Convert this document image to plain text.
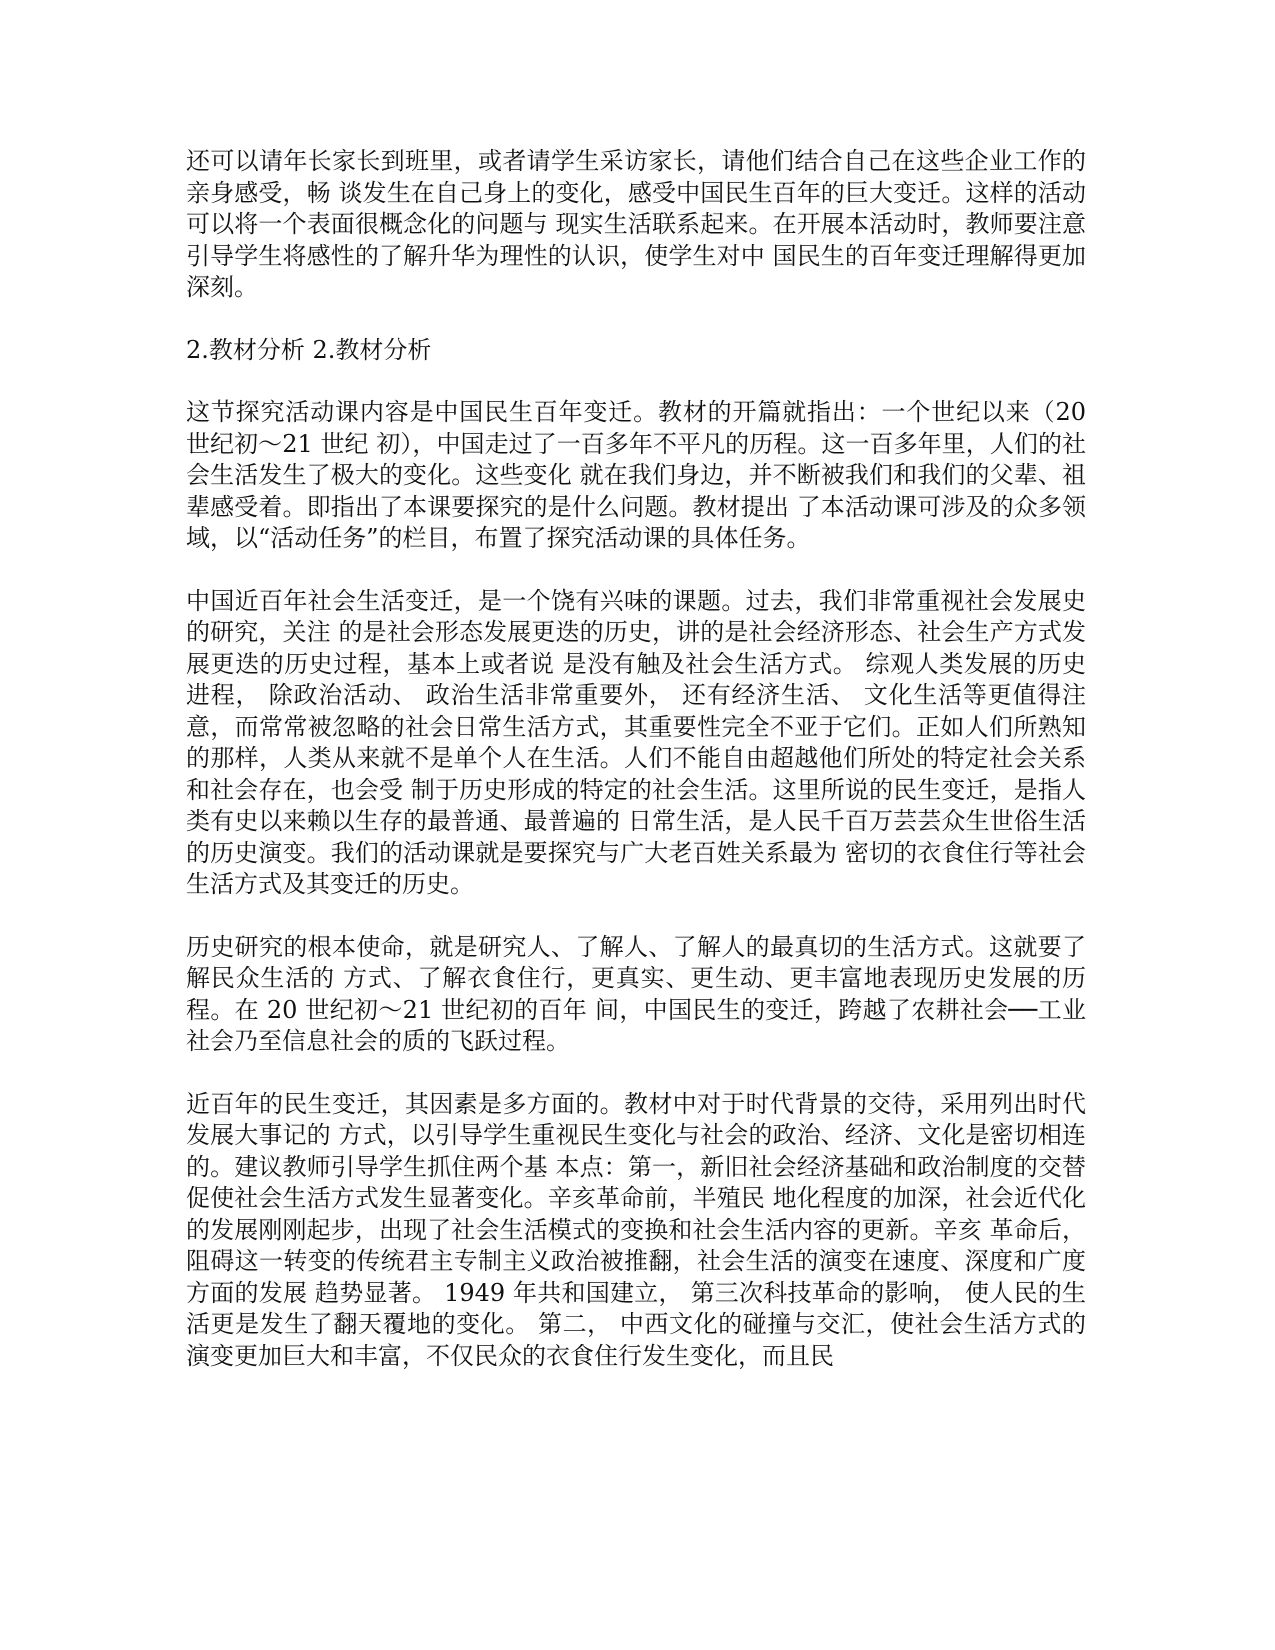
还可以请年长家长到班里，或者请学生采访家长，请他们结合自己在这些企业工作的亲身感受，畅 谈发生在自己身上的变化，感受中国民生百年的巨大变迁。这样的活动可以将一个表面很概念化的问题与 现实生活联系起来。在开展本活动时，教师要注意引导学生将感性的了解升华为理性的认识，使学生对中 国民生的百年变迁理解得更加深刻。

2.教材分析 2.教材分析

这节探究活动课内容是中国民生百年变迁。教材的开篇就指出：一个世纪以来（20 世纪初～21 世纪 初），中国走过了一百多年不平凡的历程。这一百多年里，人们的社会生活发生了极大的变化。这些变化 就在我们身边，并不断被我们和我们的父辈、祖辈感受着。即指出了本课要探究的是什么问题。教材提出 了本活动课可涉及的众多领域，以“活动任务”的栏目，布置了探究活动课的具体任务。

中国近百年社会生活变迁，是一个饶有兴味的课题。过去，我们非常重视社会发展史的研究，关注 的是社会形态发展更迭的历史，讲的是社会经济形态、社会生产方式发展更迭的历史过程，基本上或者说 是没有触及社会生活方式。 综观人类发展的历史进程， 除政治活动、 政治生活非常重要外， 还有经济生活、 文化生活等更值得注意，而常常被忽略的社会日常生活方式，其重要性完全不亚于它们。正如人们所熟知 的那样，人类从来就不是单个人在生活。人们不能自由超越他们所处的特定社会关系和社会存在，也会受 制于历史形成的特定的社会生活。这里所说的民生变迁，是指人类有史以来赖以生存的最普通、最普遍的 日常生活，是人民千百万芸芸众生世俗生活的历史演变。我们的活动课就是要探究与广大老百姓关系最为 密切的衣食住行等社会生活方式及其变迁的历史。

历史研究的根本使命，就是研究人、了解人、了解人的最真切的生活方式。这就要了解民众生活的 方式、了解衣食住行，更真实、更生动、更丰富地表现历史发展的历程。在 20 世纪初～21 世纪初的百年 间，中国民生的变迁，跨越了农耕社会──工业社会乃至信息社会的质的飞跃过程。

近百年的民生变迁，其因素是多方面的。教材中对于时代背景的交待，采用列出时代发展大事记的 方式，以引导学生重视民生变化与社会的政治、经济、文化是密切相连的。建议教师引导学生抓住两个基 本点：第一，新旧社会经济基础和政治制度的交替促使社会生活方式发生显著变化。辛亥革命前，半殖民 地化程度的加深，社会近代化的发展刚刚起步，出现了社会生活模式的变换和社会生活内容的更新。辛亥 革命后，阻碍这一转变的传统君主专制主义政治被推翻，社会生活的演变在速度、深度和广度方面的发展 趋势显著。 1949 年共和国建立， 第三次科技革命的影响， 使人民的生活更是发生了翻天覆地的变化。 第二， 中西文化的碰撞与交汇，使社会生活方式的演变更加巨大和丰富，不仅民众的衣食住行发生变化，而且民
